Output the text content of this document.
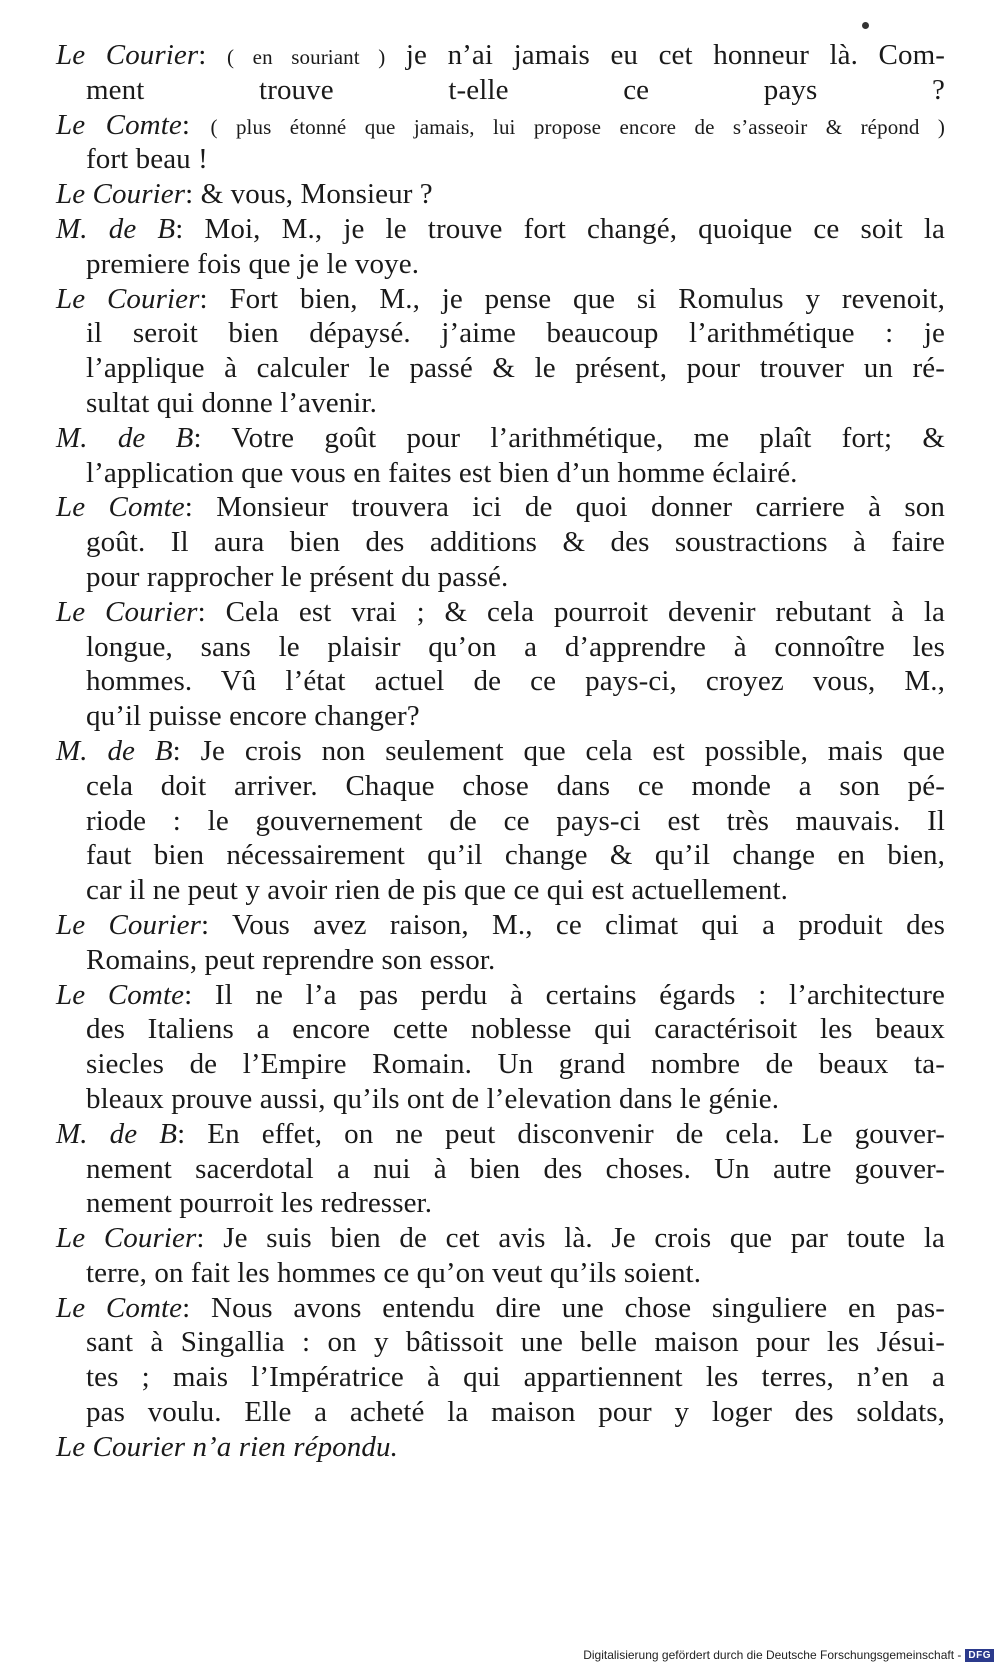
Le Courier: ( en souriant ) je n’ai jamais eu cet honneur là. Com-
ment trouve t-elle ce pays ?
Le Comte: ( plus étonné que jamais, lui propose encore de s’asseoir & répond )
fort beau !
Le Courier: & vous, Monsieur ?
M. de B: Moi, M., je le trouve fort changé, quoique ce soit la
premiere fois que je le voye.
Le Courier: Fort bien, M., je pense que si Romulus y revenoit,
il seroit bien dépaysé. j’aime beaucoup l’arithmétique : je
l’applique à calculer le passé & le présent, pour trouver un ré-
sultat qui donne l’avenir.
M. de B: Votre goût pour l’arithmétique, me plaît fort; &
l’application que vous en faites est bien d’un homme éclairé.
Le Comte: Monsieur trouvera ici de quoi donner carriere à son
goût. Il aura bien des additions & des soustractions à faire
pour rapprocher le présent du passé.
Le Courier: Cela est vrai ; & cela pourroit devenir rebutant à la
longue, sans le plaisir qu’on a d’apprendre à connoître les
hommes. Vû l’état actuel de ce pays-ci, croyez vous, M.,
qu’il puisse encore changer?
M. de B: Je crois non seulement que cela est possible, mais que
cela doit arriver. Chaque chose dans ce monde a son pé-
riode : le gouvernement de ce pays-ci est très mauvais. Il
faut bien nécessairement qu’il change & qu’il change en bien,
car il ne peut y avoir rien de pis que ce qui est actuellement.
Le Courier: Vous avez raison, M., ce climat qui a produit des
Romains, peut reprendre son essor.
Le Comte: Il ne l’a pas perdu à certains égards : l’architecture
des Italiens a encore cette noblesse qui caractérisoit les beaux
siecles de l’Empire Romain. Un grand nombre de beaux ta-
bleaux prouve aussi, qu’ils ont de l’elevation dans le génie.
M. de B: En effet, on ne peut disconvenir de cela. Le gouver-
nement sacerdotal a nui à bien des choses. Un autre gouver-
nement pourroit les redresser.
Le Courier: Je suis bien de cet avis là. Je crois que par toute la
terre, on fait les hommes ce qu’on veut qu’ils soient.
Le Comte: Nous avons entendu dire une chose singuliere en pas-
sant à Singallia : on y bâtissoit une belle maison pour les Jésui-
tes ; mais l’Impératrice à qui appartiennent les terres, n’en a
pas voulu. Elle a acheté la maison pour y loger des soldats,
Le Courier n’a rien répondu.
Digitalisierung gefördert durch die Deutsche Forschungsgemeinschaft - DFG
